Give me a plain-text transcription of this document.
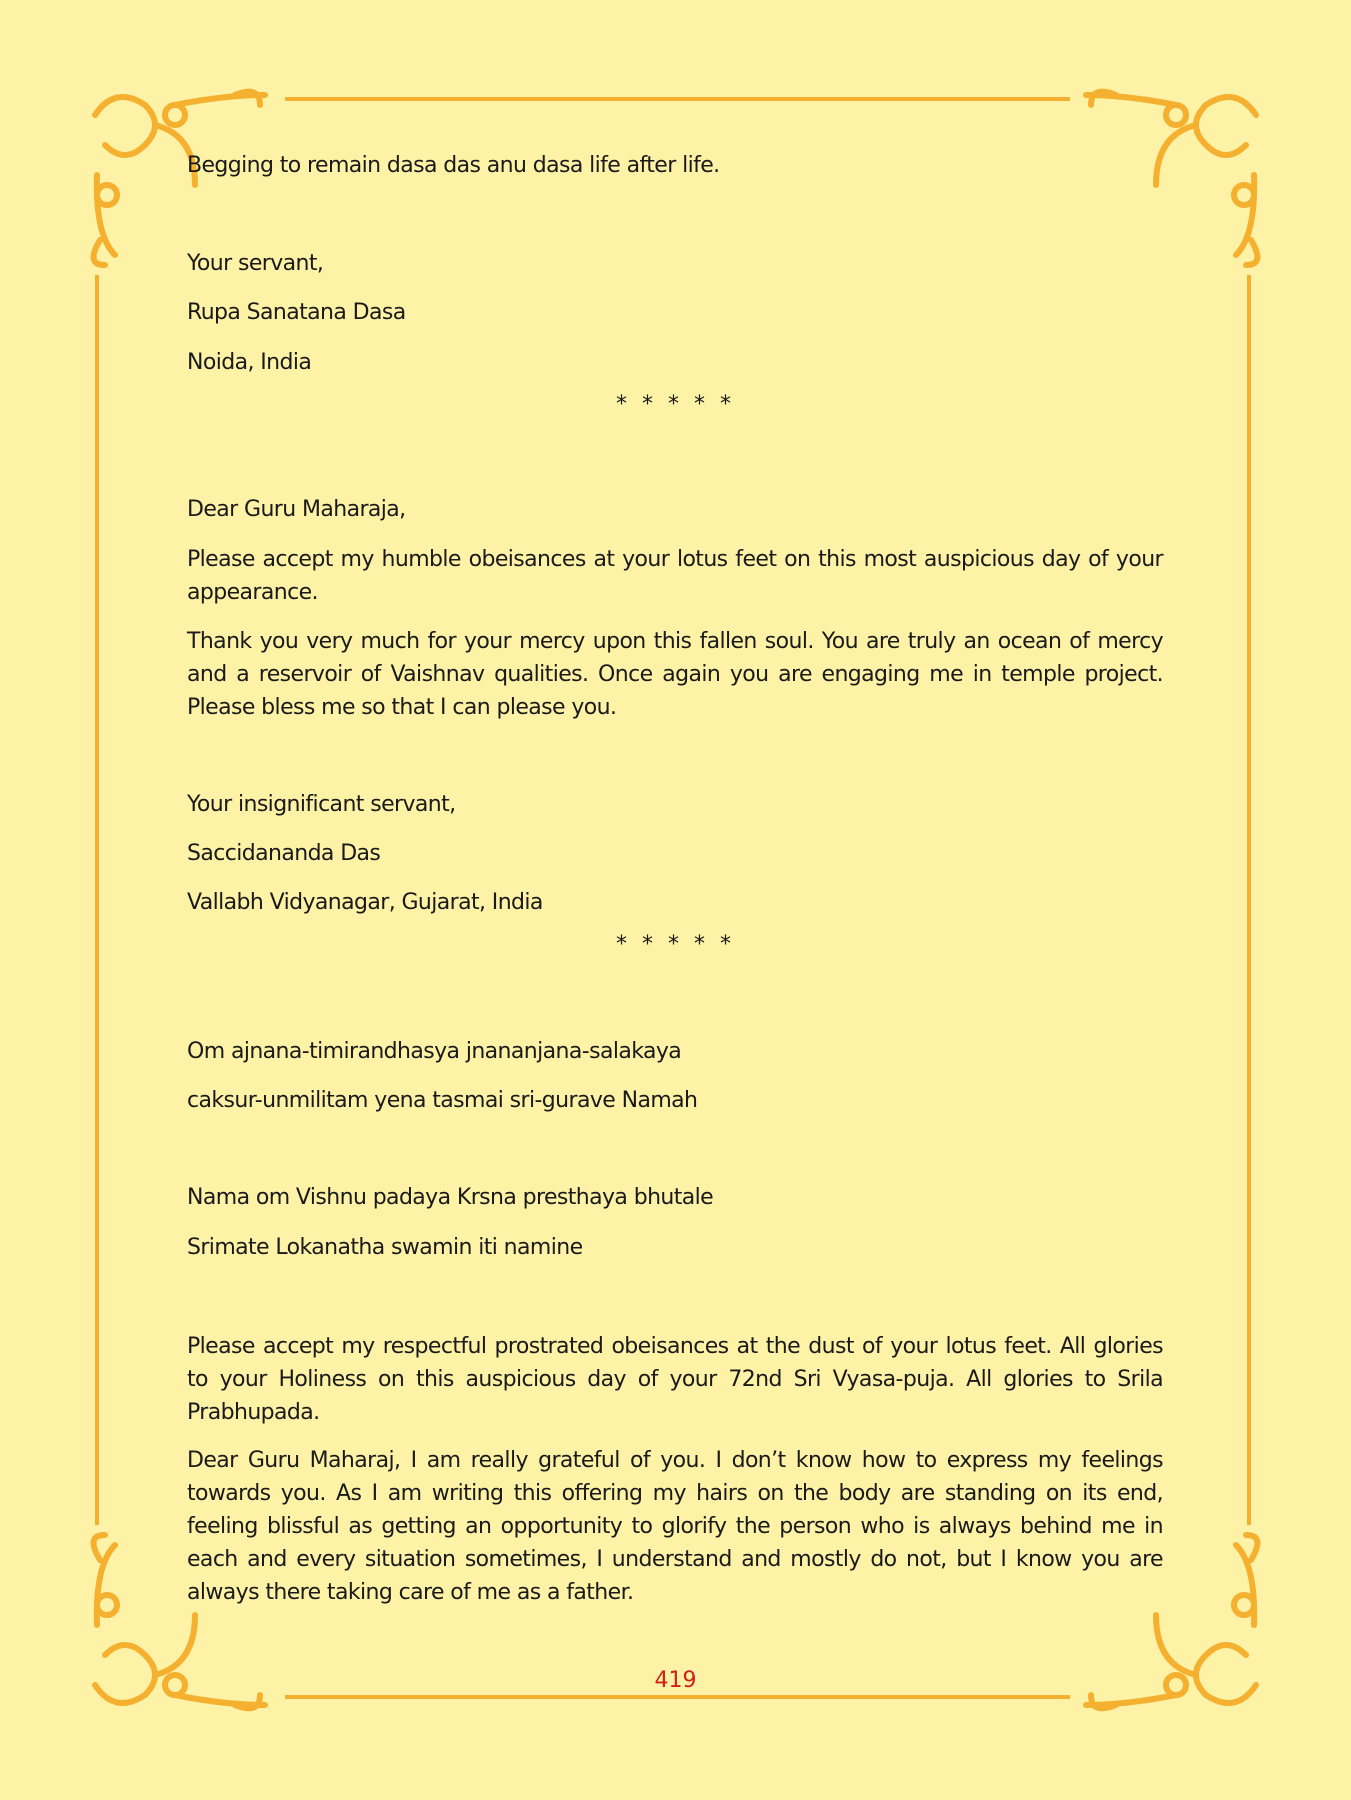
Begging to remain dasa das anu dasa life after life.
Your servant,
Rupa Sanatana Dasa
Noida, India
* * * * *
Dear Guru Maharaja,
Please accept my humble obeisances at your lotus feet on this most auspicious day of your appearance.
Thank you very much for your mercy upon this fallen soul. You are truly an ocean of mercy and a reservoir of Vaishnav qualities. Once again you are engaging me in temple project. Please bless me so that I can please you.
Your insignificant servant,
Saccidananda Das
Vallabh Vidyanagar, Gujarat, India
* * * * *
Om ajnana-timirandhasya jnananjana-salakaya
caksur-unmilitam yena tasmai sri-gurave Namah
Nama om Vishnu padaya Krsna presthaya bhutale
Srimate Lokanatha swamin iti namine
Please accept my respectful prostrated obeisances at the dust of your lotus feet. All glories to your Holiness on this auspicious day of your 72nd Sri Vyasa-puja. All glories to Srila Prabhupada.
Dear Guru Maharaj, I am really grateful of you. I don’t know how to express my feelings towards you. As I am writing this offering my hairs on the body are standing on its end, feeling blissful as getting an opportunity to glorify the person who is always behind me in each and every situation sometimes, I understand and mostly do not, but I know you are always there taking care of me as a father.
419
